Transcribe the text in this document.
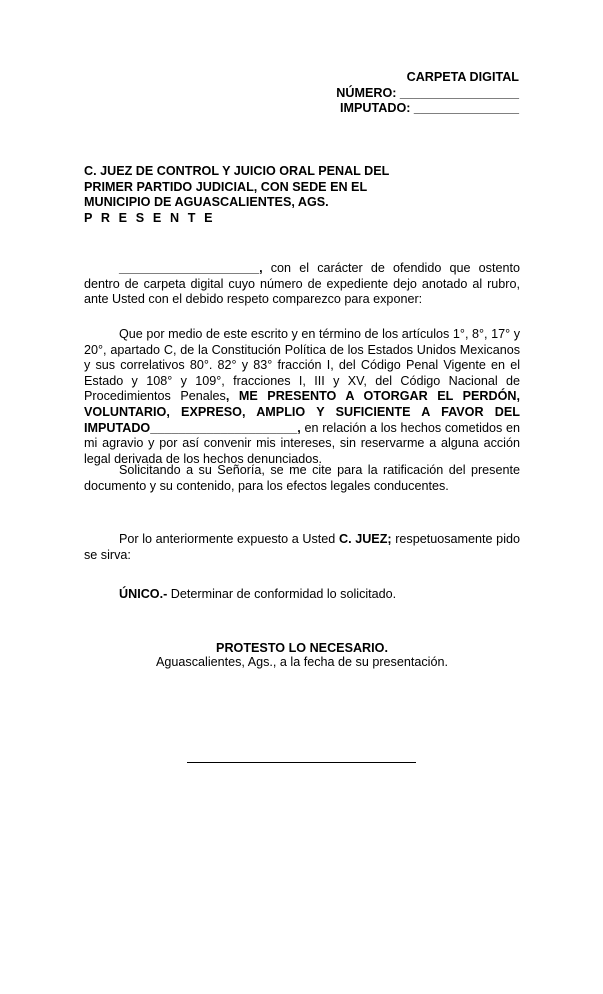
CARPETA DIGITAL
NÚMERO: _________________
IMPUTADO: _______________
C. JUEZ DE CONTROL Y JUICIO ORAL PENAL DEL
PRIMER PARTIDO JUDICIAL, CON SEDE EN EL
MUNICIPIO DE AGUASCALIENTES, AGS.
P R E S E N T E
____________________, con el carácter de ofendido que ostento dentro de carpeta digital cuyo número de expediente dejo anotado al rubro, ante Usted con el debido respeto comparezco para exponer:
Que por medio de este escrito y en término de los artículos 1°, 8°, 17° y 20°, apartado C, de la Constitución Política de los Estados Unidos Mexicanos y sus correlativos 80°. 82° y 83° fracción I, del Código Penal Vigente en el Estado y 108° y 109°, fracciones I, III y XV, del Código Nacional de Procedimientos Penales, ME PRESENTO A OTORGAR EL PERDÓN, VOLUNTARIO, EXPRESO, AMPLIO Y SUFICIENTE A FAVOR DEL IMPUTADO_____________________, en relación a los hechos cometidos en mi agravio y por así convenir mis intereses, sin reservarme a alguna acción legal derivada de los hechos denunciados.
Solicitando a su Señoría, se me cite para la ratificación del presente documento y su contenido, para los efectos legales conducentes.
Por lo anteriormente expuesto a Usted C. JUEZ; respetuosamente pido se sirva:
ÚNICO.- Determinar de conformidad lo solicitado.
PROTESTO LO NECESARIO.
Aguascalientes, Ags., a la fecha de su presentación.
